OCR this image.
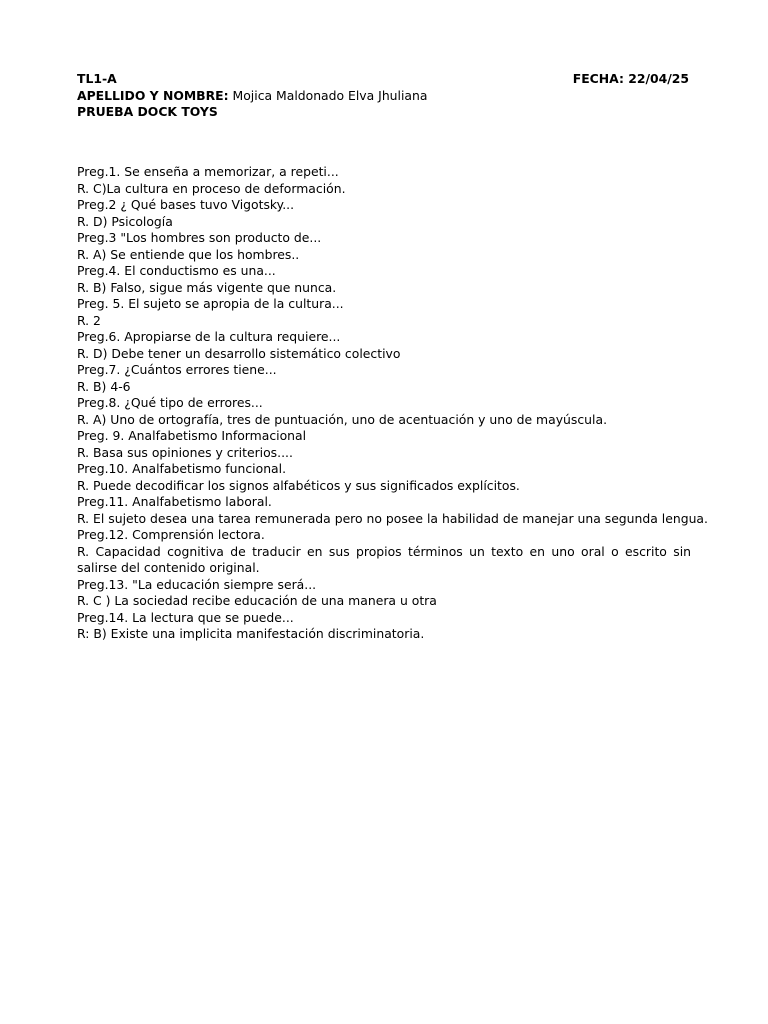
TL1-A	FECHA: 22/04/25
APELLIDO Y NOMBRE: Mojica Maldonado Elva Jhuliana
PRUEBA DOCK TOYS
Preg.1. Se enseña a memorizar, a repeti...
R. C)La cultura en proceso de deformación.
Preg.2 ¿ Qué bases tuvo Vigotsky...
R. D) Psicología
Preg.3 "Los hombres son producto de...
R. A) Se entiende que los hombres..
Preg.4. El conductismo es una...
R. B) Falso, sigue más vigente que nunca.
Preg. 5. El sujeto se apropia de la cultura...
R. 2
Preg.6. Apropiarse de la cultura requiere...
R. D) Debe tener un desarrollo sistemático colectivo
Preg.7. ¿Cuántos errores tiene...
R. B) 4-6
Preg.8. ¿Qué tipo de errores...
R. A) Uno de ortografía, tres de puntuación, uno de acentuación y uno de mayúscula.
Preg. 9. Analfabetismo Informacional
R. Basa sus opiniones y criterios....
Preg.10. Analfabetismo funcional.
R. Puede decodificar los signos alfabéticos y sus significados explícitos.
Preg.11. Analfabetismo laboral.
R. El sujeto desea una tarea remunerada pero no posee la habilidad de manejar una segunda lengua.
Preg.12. Comprensión lectora.
R. Capacidad cognitiva de traducir en sus propios términos un texto en uno oral o escrito sin salirse del contenido original.
Preg.13. "La educación siempre será...
R. C ) La sociedad recibe educación de una manera u otra
Preg.14. La lectura que se puede...
R: B) Existe una implicita manifestación discriminatoria.
